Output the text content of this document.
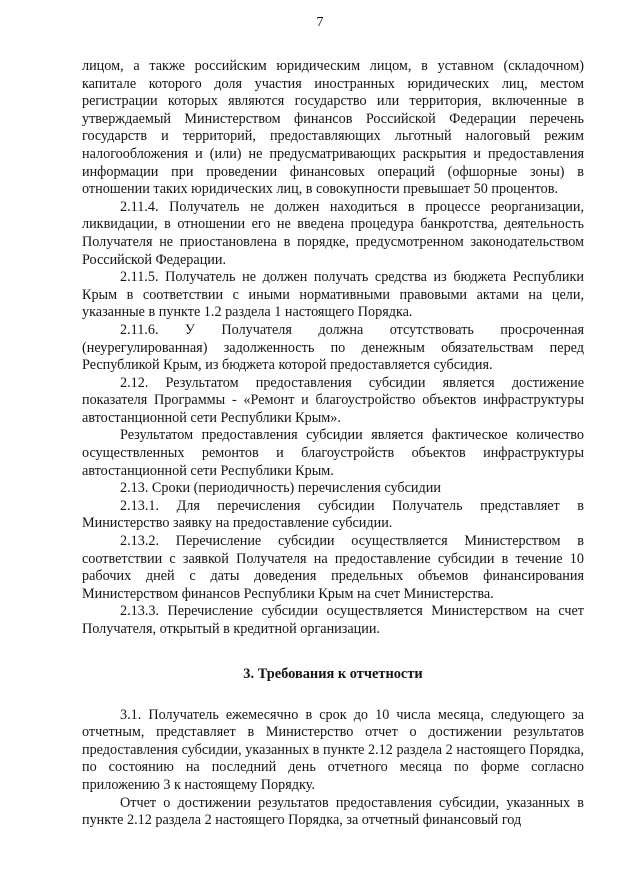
7

лицом, а также российским юридическим лицом, в уставном (складочном) капитале которого доля участия иностранных юридических лиц, местом регистрации которых являются государство или территория, включенные в утверждаемый Министерством финансов Российской Федерации перечень государств и территорий, предоставляющих льготный налоговый режим налогообложения и (или) не предусматривающих раскрытия и предоставления информации при проведении финансовых операций (офшорные зоны) в отношении таких юридических лиц, в совокупности превышает 50 процентов.

2.11.4. Получатель не должен находиться в процессе реорганизации, ликвидации, в отношении его не введена процедура банкротства, деятельность Получателя не приостановлена в порядке, предусмотренном законодательством Российской Федерации.

2.11.5. Получатель не должен получать средства из бюджета Республики Крым в соответствии с иными нормативными правовыми актами на цели, указанные в пункте 1.2 раздела 1 настоящего Порядка.

2.11.6. У Получателя должна отсутствовать просроченная (неурегулированная) задолженность по денежным обязательствам перед Республикой Крым, из бюджета которой предоставляется субсидия.

2.12. Результатом предоставления субсидии является достижение показателя Программы - «Ремонт и благоустройство объектов инфраструктуры автостанционной сети Республики Крым».

Результатом предоставления субсидии является фактическое количество осуществленных ремонтов и благоустройств объектов инфраструктуры автостанционной сети Республики Крым.

2.13. Сроки (периодичность) перечисления субсидии

2.13.1. Для перечисления субсидии Получатель представляет в Министерство заявку на предоставление субсидии.

2.13.2. Перечисление субсидии осуществляется Министерством в соответствии с заявкой Получателя на предоставление субсидии в течение 10 рабочих дней с даты доведения предельных объемов финансирования Министерством финансов Республики Крым на счет Министерства.

2.13.3. Перечисление субсидии осуществляется Министерством на счет Получателя, открытый в кредитной организации.

3. Требования к отчетности

3.1. Получатель ежемесячно в срок до 10 числа месяца, следующего за отчетным, представляет в Министерство отчет о достижении результатов предоставления субсидии, указанных в пункте 2.12 раздела 2 настоящего Порядка, по состоянию на последний день отчетного месяца по форме согласно приложению 3 к настоящему Порядку.

Отчет о достижении результатов предоставления субсидии, указанных в пункте 2.12 раздела 2 настоящего Порядка, за отчетный финансовый год
